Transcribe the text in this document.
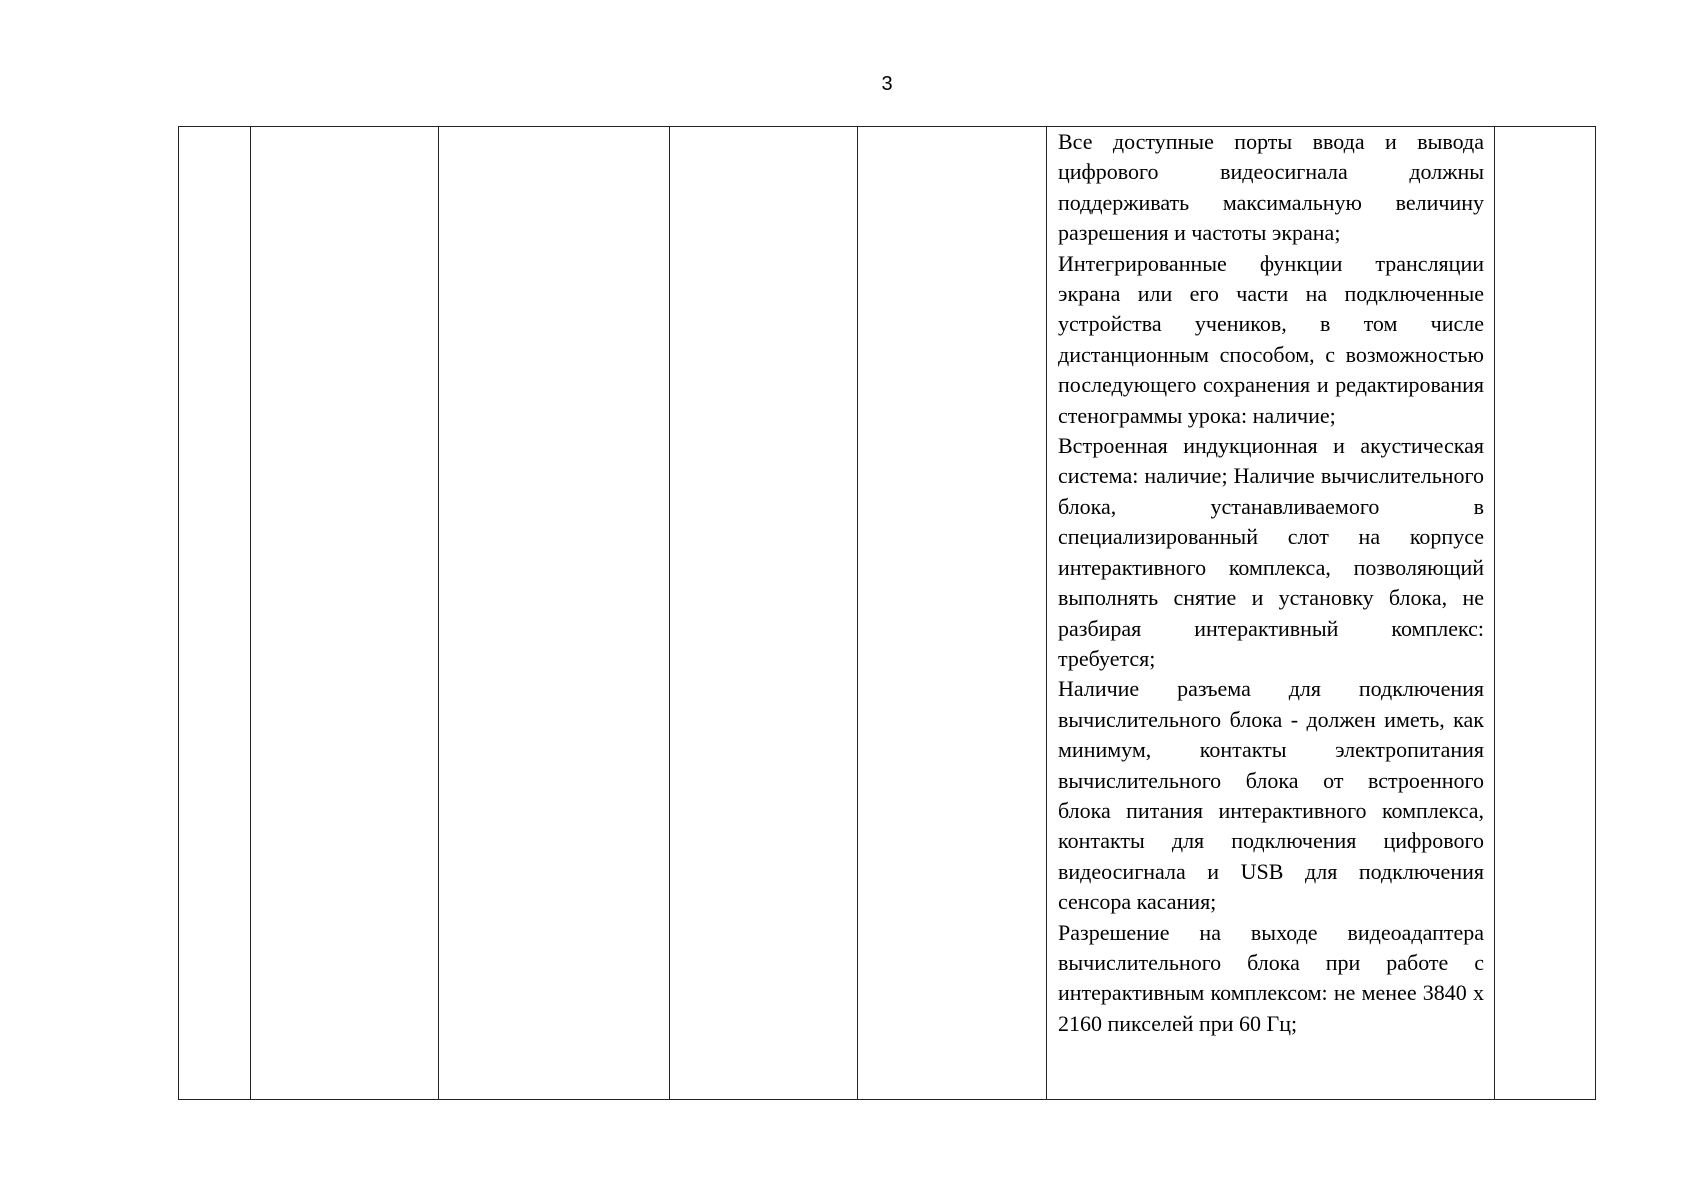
3

Все доступные порты ввода и вывода цифрового видеосигнала должны поддерживать максимальную величину разрешения и частоты экрана;

Интегрированные функции трансляции экрана или его части на подключенные устройства учеников, в том числе дистанционным способом, с возможностью последующего сохранения и редактирования стенограммы урока: наличие;

Встроенная индукционная и акустическая система: наличие; Наличие вычислительного блока, устанавливаемого в специализированный слот на корпусе интерактивного комплекса, позволяющий выполнять снятие и установку блока, не разбирая интерактивный комплекс: требуется;

Наличие разъема для подключения вычислительного блока - должен иметь, как минимум, контакты электропитания вычислительного блока от встроенного блока питания интерактивного комплекса, контакты для подключения цифрового видеосигнала и USB для подключения сенсора касания;

Разрешение на выходе видеоадаптера вычислительного блока при работе с интерактивным комплексом: не менее 3840 х 2160 пикселей при 60 Гц;
